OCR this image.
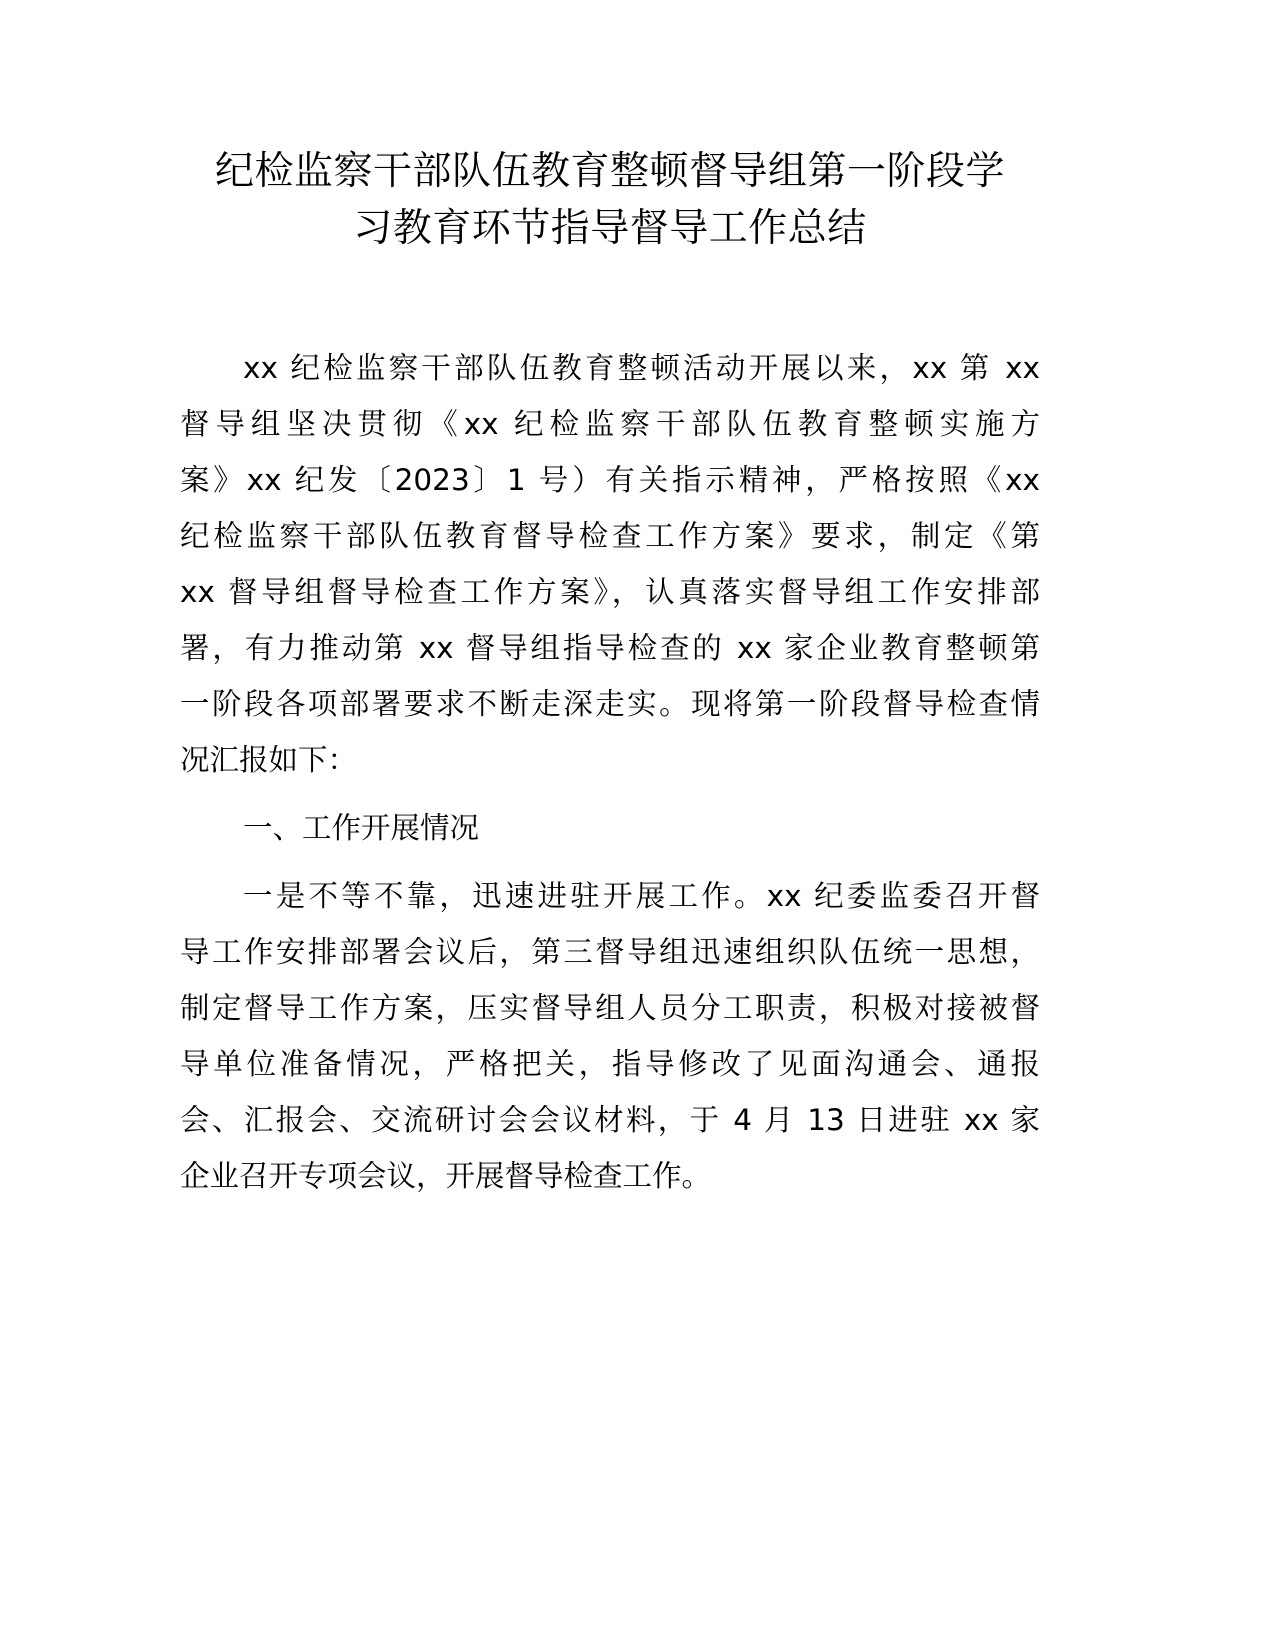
纪检监察干部队伍教育整顿督导组第一阶段学
习教育环节指导督导工作总结
xx 纪检监察干部队伍教育整顿活动开展以来，xx 第 xx
督导组坚决贯彻《xx 纪检监察干部队伍教育整顿实施方
案》xx 纪发〔2023〕1 号）有关指示精神，严格按照《xx
纪检监察干部队伍教育督导检查工作方案》要求，制定《第
xx 督导组督导检查工作方案》，认真落实督导组工作安排部
署，有力推动第 xx 督导组指导检查的 xx 家企业教育整顿第
一阶段各项部署要求不断走深走实。现将第一阶段督导检查情
况汇报如下：
一、工作开展情况
一是不等不靠，迅速进驻开展工作。xx 纪委监委召开督
导工作安排部署会议后，第三督导组迅速组织队伍统一思想，
制定督导工作方案，压实督导组人员分工职责，积极对接被督
导单位准备情况，严格把关，指导修改了见面沟通会、通报
会、汇报会、交流研讨会会议材料，于 4 月 13 日进驻 xx 家
企业召开专项会议，开展督导检查工作。
